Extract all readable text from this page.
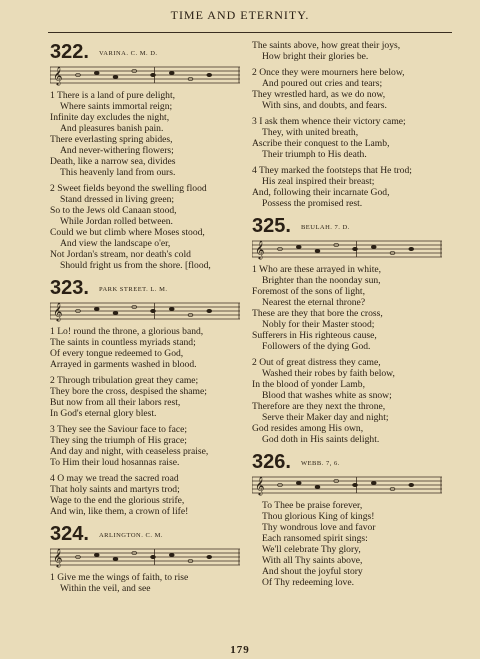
TIME AND ETERNITY.
322. VARINA. C. M. D.
𝄞
1 There is a land of pure delight,
Where saints immortal reign;
Infinite day excludes the night,
And pleasures banish pain.
There everlasting spring abides,
And never-withering flowers;
Death, like a narrow sea, divides
This heavenly land from ours.
2 Sweet fields beyond the swelling flood
Stand dressed in living green;
So to the Jews old Canaan stood,
While Jordan rolled between.
Could we but climb where Moses stood,
And view the landscape o'er,
Not Jordan's stream, nor death's cold
Should fright us from the shore. [flood,
323. PARK STREET. L. M.
𝄞
1 Lo! round the throne, a glorious band,
The saints in countless myriads stand;
Of every tongue redeemed to God,
Arrayed in garments washed in blood.
2 Through tribulation great they came;
They bore the cross, despised the shame;
But now from all their labors rest,
In God's eternal glory blest.
3 They see the Saviour face to face;
They sing the triumph of His grace;
And day and night, with ceaseless praise,
To Him their loud hosannas raise.
4 O may we tread the sacred road
That holy saints and martyrs trod;
Wage to the end the glorious strife,
And win, like them, a crown of life!
324. ARLINGTON. C. M.
𝄞
1 Give me the wings of faith, to rise
Within the veil, and see
The saints above, how great their joys,
How bright their glories be.
2 Once they were mourners here below,
And poured out cries and tears;
They wrestled hard, as we do now,
With sins, and doubts, and fears.
3 I ask them whence their victory came;
They, with united breath,
Ascribe their conquest to the Lamb,
Their triumph to His death.
4 They marked the footsteps that He trod;
His zeal inspired their breast;
And, following their incarnate God,
Possess the promised rest.
325. BEULAH. 7. D.
𝄞
1 Who are these arrayed in white,
Brighter than the noonday sun,
Foremost of the sons of light,
Nearest the eternal throne?
These are they that bore the cross,
Nobly for their Master stood;
Sufferers in His righteous cause,
Followers of the dying God.
2 Out of great distress they came,
Washed their robes by faith below,
In the blood of yonder Lamb,
Blood that washes white as snow;
Therefore are they next the throne,
Serve their Maker day and night;
God resides among His own,
God doth in His saints delight.
326. WEBB. 7, 6.
𝄞
To Thee be praise forever,
Thou glorious King of kings!
Thy wondrous love and favor
Each ransomed spirit sings:
We'll celebrate Thy glory,
With all Thy saints above,
And shout the joyful story
Of Thy redeeming love.
179
